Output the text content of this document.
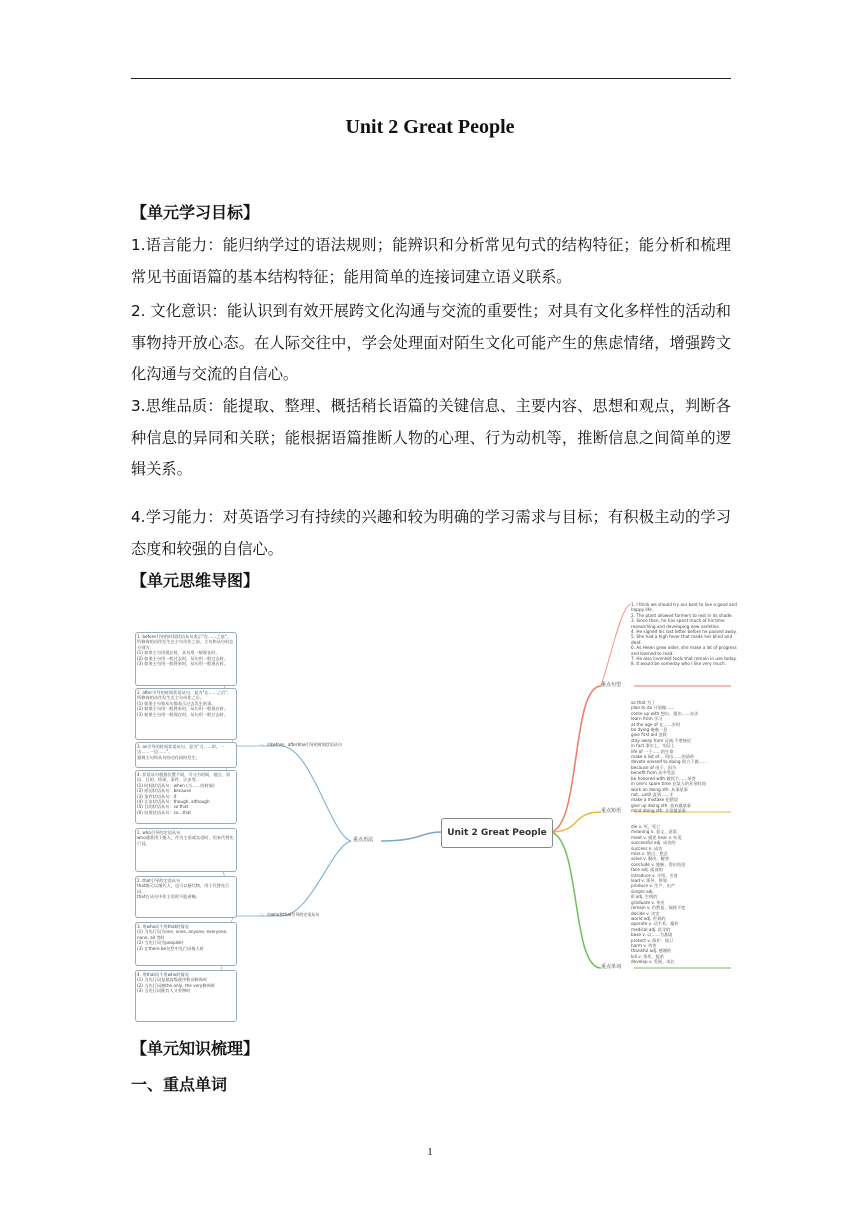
Unit 2 Great People
【单元学习目标】
1.语言能力：能归纳学过的语法规则；能辨识和分析常见句式的结构特征；能分析和梳理常见书面语篇的基本结构特征；能用简单的连接词建立语义联系。
2. 文化意识：能认识到有效开展跨文化沟通与交流的重要性；对具有文化多样性的活动和事物持开放心态。在人际交往中，学会处理面对陌生文化可能产生的焦虑情绪，增强跨文化沟通与交流的自信心。
3.思维品质：能提取、整理、概括稍长语篇的关键信息、主要内容、思想和观点，判断各种信息的异同和关联；能根据语篇推断人物的心理、行为动机等，推断信息之间简单的逻辑关系。
4.学习能力：对英语学习有持续的兴趣和较为明确的学习需求与目标；有积极主动的学习态度和较强的自信心。
【单元思维导图】
Unit 2 Great People
重点句型
重点短语
重点单词
重点语法
一、由before、after和as引导的时间状语从句
二、由who和that引导的定语从句
1. I think we should try our best to live a good and happy life.
2. The plant allowed farmers to rest in its shade.
3. Since then, he has spent much of his time researching and developing new varieties.
4. He signed his last letter before he passed away.
5. She had a high fever that made her blind and deaf.
6. As Helen grew older, she make a lot of progress and learned to read.
7. He also invented tools that remain in use today.
8. It would be someday who I like very much.
so that 为了
plan to do 计划做……
come up with 想出、提出……办法
learn from 学习
at the age of 在……岁时
be dying 奄奄一息
give first aid 急救
stay away from 远离,不要接近
in fact 事实上、实际上
life of 一个……的生命
make a list of… 列出……的清单
devote oneself to doing 致力于做……
because of 由于、因为
benefit from 从中受益
be honored with 被授予……荣誉
in one's spare time 在某人的业余时间
work on doing sth. 从事某事
not…until 直到……才
make a mistake 犯错误
give up doing sth. 放弃做某事
mind doing sth. 介意做某事
die v. 死，死亡
meaning n. 意义，意思
meet v. 遇见 hear v. 听见
successful adj. 成功的
success n. 成功
miss v. 错过、想念
solve v. 解决、解答
conclude v. 推断、得出结论
face adj. 面部的
introduce v. 介绍、引进
lead v. 领导、带领
produce v. 生产、出产
simple adj.
ill adj. 生病的
graduate v. 毕业
remain v. 仍然是、保持不变
decide v. 决定
world adj. 世界的
operate v. 动手术、操作
medical adj. 医学的
base v. 以……为基础
protect v. 保护、保卫
harm v. 伤害
thankful adj. 感谢的
kill v. 杀死、扼杀
develop v. 发展、成长
1. before引导的时间状语从句表示"在……之前"，
所修饰的动作发生在主句动作之前，主句和从句时态分别为：
(1) 如果主句用现在时，从句用一般现在时。
(2) 如果主句用一般过去时，从句用一般过去时。
(3) 如果主句用一般将来时，从句用一般现在时。
2. after引导的时间状语从句，意为"在……之后"，
所修饰的动作发生在主句动作之后。
(1) 如果主句和从句都表示过去发生的事。
(2) 如果主句用一般将来时，从句用一般现在时。
(3) 如果主句用一般现在时，从句用一般过去时。
3. as引导的时间状语从句，意为"当……时，一边……一边……"，
强调主句和从句的动作同时发生。
4. 状语从句根据位置不同，可分为时间、地点、原因、目的、结果、条件、让步等。
(1) 时间状语从句：when (当……的时候)
(2) 原因状语从句：because
(3) 条件状语从句：if
(4) 让步状语从句：though, although
(5) 目的状语从句：so that
(6) 结果状语从句：so…that
1. who引导的定语从句
who通常用于指人，作为主语或宾语时，用来代替先行词。
2. that引导的定语从句
that既可以指代人，也可以指代物，用于代替先行词。
that在从句中作主语时不能省略。
3. 用who而不用that的情况
(1) 当先行词为one, ones, anyone, everyone, none, all 等时
(2) 当先行词为people时
(3) 在there be句型中先行词指人时
4. 用that而不用who的情况
(1) 当先行词是最高级或序数词修饰时
(2) 当先行词被the only, the very修饰时
(3) 当先行词既有人又有物时
【单元知识梳理】
一、重点单词
1
